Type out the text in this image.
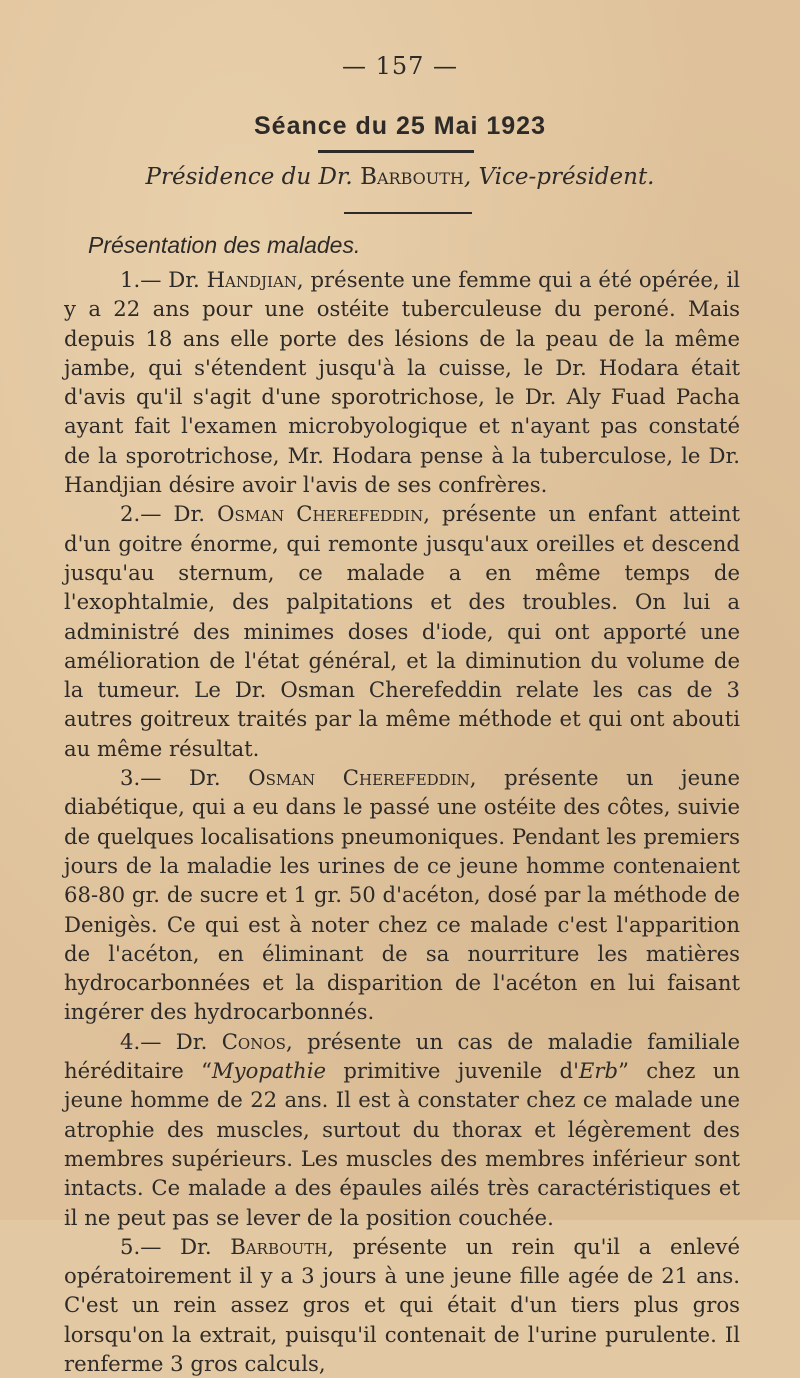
— 157 —
Séance du 25 Mai 1923
Présidence du Dr. Barbouth, Vice-président.
Présentation des malades.

1.— Dr. Handjian, présente une femme qui a été opérée, il y a 22 ans pour une ostéite tuberculeuse du peroné. Mais depuis 18 ans elle porte des lésions de la peau de la même jambe, qui s'étendent jusqu'à la cuisse, le Dr. Hodara était d'avis qu'il s'agit d'une sporotrichose, le Dr. Aly Fuad Pacha ayant fait l'examen microbyologique et n'ayant pas constaté de la sporotrichose, Mr. Hodara pense à la tuberculose, le Dr. Handjian désire avoir l'avis de ses confrères.

2.— Dr. Osman Cherefeddin, présente un enfant atteint d'un goitre énorme, qui remonte jusqu'aux oreilles et descend jusqu'au sternum, ce malade a en même temps de l'exophtalmie, des palpitations et des troubles. On lui a administré des minimes doses d'iode, qui ont apporté une amélioration de l'état général, et la diminution du volume de la tumeur. Le Dr. Osman Cherefeddin relate les cas de 3 autres goitreux traités par la même méthode et qui ont abouti au même résultat.

3.— Dr. Osman Cherefeddin, présente un jeune diabétique, qui a eu dans le passé une ostéite des côtes, suivie de quelques localisations pneumoniques. Pendant les premiers jours de la maladie les urines de ce jeune homme contenaient 68-80 gr. de sucre et 1 gr. 50 d'acéton, dosé par la méthode de Denigès. Ce qui est à noter chez ce malade c'est l'apparition de l'acéton, en éliminant de sa nourriture les matières hydrocarbonnées et la disparition de l'acéton en lui faisant ingérer des hydrocarbonnés.

4.— Dr. Conos, présente un cas de maladie familiale héréditaire “Myopathie primitive juvenile d'Erb” chez un jeune homme de 22 ans. Il est à constater chez ce malade une atrophie des muscles, surtout du thorax et légèrement des membres supérieurs. Les muscles des membres inférieur sont intacts. Ce malade a des épaules ailés très caractéristiques et il ne peut pas se lever de la position couchée.

5.— Dr. Barbouth, présente un rein qu'il a enlevé opératoirement il y a 3 jours à une jeune fille agée de 21 ans. C'est un rein assez gros et qui était d'un tiers plus gros lorsqu'on la extrait, puisqu'il contenait de l'urine purulente. Il renferme 3 gros calculs,
